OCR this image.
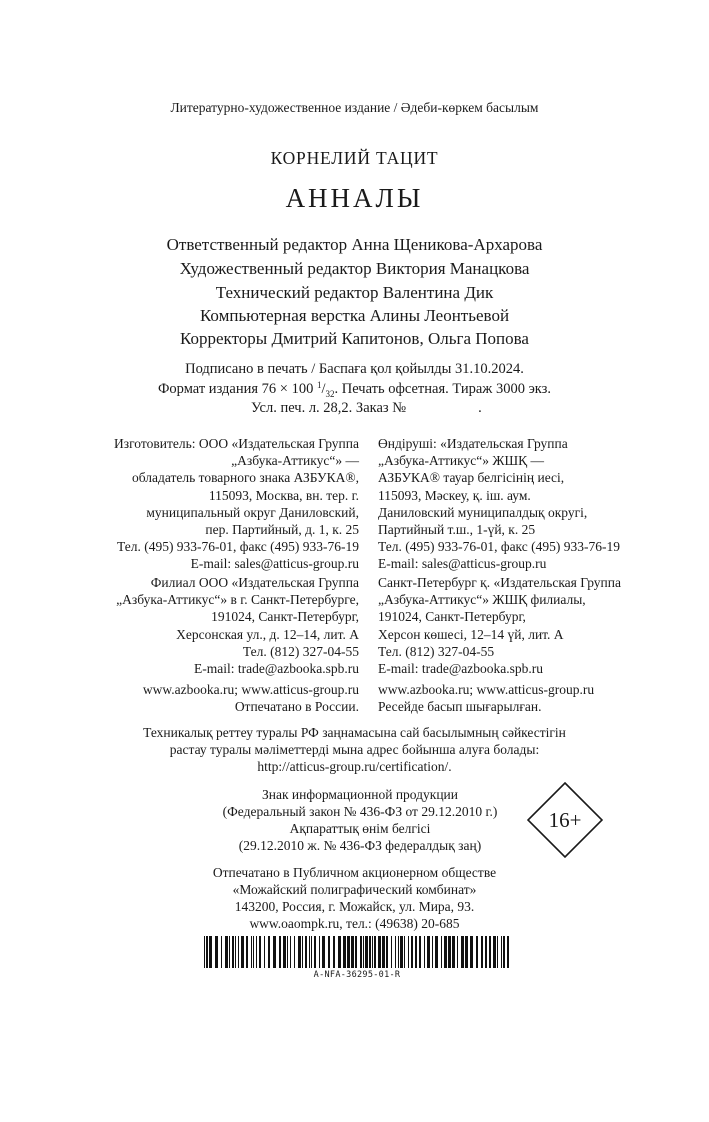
Литературно-художественное издание / Әдеби-көркем басылым
КОРНЕЛИЙ ТАЦИТ
АННАЛЫ
Ответственный редактор Анна Щеникова-Архарова
Художественный редактор Виктория Манацкова
Технический редактор Валентина Дик
Компьютерная верстка Алины Леонтьевой
Корректоры Дмитрий Капитонов, Ольга Попова
Подписано в печать / Баспаға қол қойылды 31.10.2024.
Формат издания 76 × 100 $^1/_{32}$. Печать офсетная. Тираж 3000 экз.
Усл. печ. л. 28,2. Заказ №	.
Изготовитель: ООО «Издательская Группа
„Азбука-Аттикус“» —
обладатель товарного знака АЗБУКА®,
115093, Москва, вн. тер. г.
муниципальный округ Даниловский,
пер. Партийный, д. 1, к. 25
Тел. (495) 933-76-01, факс (495) 933-76-19
E-mail: sales@atticus-group.ru
Өндіруші: «Издательская Группа
„Азбука-Аттикус“» ЖШҚ —
АЗБУКА® тауар белгісінің иесі,
115093, Мәскеу, қ. іш. аум.
Даниловский муниципалдық округі,
Партийный т.ш., 1-үй, к. 25
Тел. (495) 933-76-01, факс (495) 933-76-19
E-mail: sales@atticus-group.ru
Филиал ООО «Издательская Группа
„Азбука-Аттикус“» в г. Санкт-Петербурге,
191024, Санкт-Петербург,
Херсонская ул., д. 12–14, лит. А
Тел. (812) 327-04-55
E-mail: trade@azbooka.spb.ru
Санкт-Петербург қ. «Издательская Группа
„Азбука-Аттикус“» ЖШҚ филиалы,
191024, Санкт-Петербург,
Херсон көшесі, 12–14 үй, лит. А
Тел. (812) 327-04-55
E-mail: trade@azbooka.spb.ru
www.azbooka.ru; www.atticus-group.ru
Отпечатано в России.
www.azbooka.ru; www.atticus-group.ru
Ресейде басып шығарылған.
Техникалық реттеу туралы РФ заңнамасына сай басылымның сәйкестігін
растау туралы мәліметтерді мына адрес бойынша алуға болады:
http://atticus-group.ru/certification/.
Знак информационной продукции
(Федеральный закон № 436-ФЗ от 29.12.2010 г.)
Ақпараттық өнім белгісі
(29.12.2010 ж. № 436-ФЗ федералдық заң)
16+
Отпечатано в Публичном акционерном обществе
«Можайский полиграфический комбинат»
143200, Россия, г. Можайск, ул. Мира, 93.
www.oaompk.ru, тел.: (49638) 20-685
A-NFA-36295-01-R
